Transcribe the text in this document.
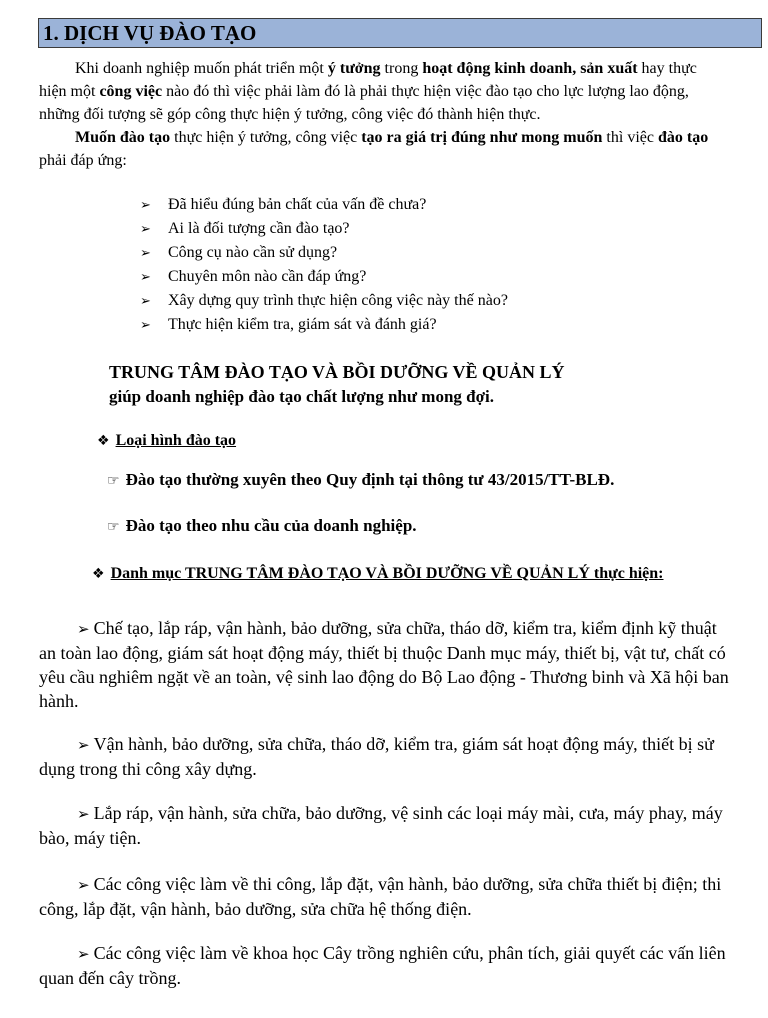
1. DỊCH VỤ ĐÀO TẠO

Khi doanh nghiệp muốn phát triển một ý tưởng trong hoạt động kinh doanh, sản xuất hay thực hiện một công việc nào đó thì việc phải làm đó là phải thực hiện việc đào tạo cho lực lượng lao động, những đối tượng sẽ góp công thực hiện ý tưởng, công việc đó thành hiện thực.

Muốn đào tạo thực hiện ý tưởng, công việc tạo ra giá trị đúng như mong muốn thì việc đào tạo phải đáp ứng:

➢ Đã hiểu đúng bản chất của vấn đề chưa?
➢ Ai là đối tượng cần đào tạo?
➢ Công cụ nào cần sử dụng?
➢ Chuyên môn nào cần đáp ứng?
➢ Xây dựng quy trình thực hiện công việc này thế nào?
➢ Thực hiện kiểm tra, giám sát và đánh giá?
TRUNG TÂM ĐÀO TẠO VÀ BỒI DƯỠNG VỀ QUẢN LÝ
giúp doanh nghiệp đào tạo chất lượng như mong đợi.
❖ Loại hình đào tạo
☞ Đào tạo thường xuyên theo Quy định tại thông tư 43/2015/TT-BLĐ.
☞ Đào tạo theo nhu cầu của doanh nghiệp.
❖ Danh mục TRUNG TÂM ĐÀO TẠO VÀ BỒI DƯỠNG VỀ QUẢN LÝ thực hiện:

➢ Chế tạo, lắp ráp, vận hành, bảo dưỡng, sửa chữa, tháo dỡ, kiểm tra, kiểm định kỹ thuật an toàn lao động, giám sát hoạt động máy, thiết bị thuộc Danh mục máy, thiết bị, vật tư, chất có yêu cầu nghiêm ngặt về an toàn, vệ sinh lao động do Bộ Lao động - Thương binh và Xã hội ban hành.

➢ Vận hành, bảo dưỡng, sửa chữa, tháo dỡ, kiểm tra, giám sát hoạt động máy, thiết bị sử dụng trong thi công xây dựng.

➢ Lắp ráp, vận hành, sửa chữa, bảo dưỡng, vệ sinh các loại máy mài, cưa, máy phay, máy bào, máy tiện.

➢ Các công việc làm về thi công, lắp đặt, vận hành, bảo dưỡng, sửa chữa thiết bị điện; thi công, lắp đặt, vận hành, bảo dưỡng, sửa chữa hệ thống điện.

➢ Các công việc làm về khoa học Cây trồng nghiên cứu, phân tích, giải quyết các vấn liên quan đến cây trồng.
